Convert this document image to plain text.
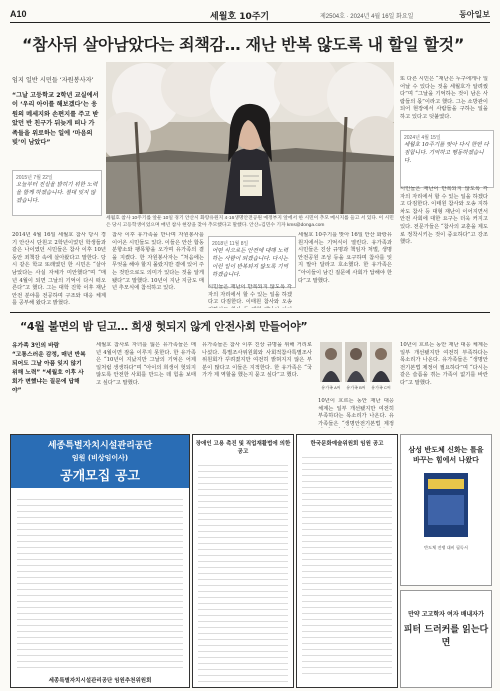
A10	세월호 10주기	제2504호 · 2024년 4월 16일 화요일	동아일보
“참사뒤 살아남았다는 죄책감… 재난 반복 않도록 내 할일 할것”
임지 일반 시민들 ‘자원봉사자’

“그날 고등학교 2학년 교실에서 이 ‘우리 아이를 해보겠다’는 응원의 메세지와 손편지를 주고 받았던 반 친구가 뒤늦게 떠나 가족들을 위로하는 일에 ‘마음의 빚’이 남았다”

2015년 7월 22일
오늘부터 진실을 밝히기 위한 노력을 함께 하겠습니다. 절대 잊지 않겠습니다.
세월호 참사 10주기를 앞둔 10일 경기 안산시 화랑유원지 4·16생명안전공원 예정부지 앞에서 한 시민이 추모 메시지를 들고 서 있다. 이 시민은 당시 고등학생이었으며 매년 참사 현장을 찾아 추모했다고 말했다. 안산=김민수 기자 kms@donga.com
2024년 4월 15일
세월호 10주기를 맞아 다시 한번 다짐합니다. 기억하고 행동하겠습니다.

또 다른 시민은 “재난은 누구에게나 일어날 수 있다는 것을 세월호가 알려줬다”며 “그날을 기억하는 것이 남은 사람들의 몫”이라고 했다. 그는 소방관이 되어 현장에서 사람들을 구하는 일을 하고 있다고 덧붙였다.

2014년 4월 16일 세월호 참사 당시 경기 안산시 단원고 2학년이었던 학생들과 같은 나이였던 시민들은 참사 이후 10년 동안 죄책감 속에 살아왔다고 말한다. 당시 같은 학교 또래였던 한 시민은 “살아남았다는 사실 자체가 미안했다”며 “매년 4월이 되면 그날의 기억이 다시 떠오른다”고 했다. 그는 대학 진학 이후 재난 안전 분야를 전공하며 구조와 대응 체계를 공부해 왔다고 밝혔다.

참사 이후 유가족을 만나며 자원봉사를 이어온 시민들도 있다. 이들은 안산 합동분향소와 팽목항을 오가며 유가족의 곁을 지켰다. 한 자원봉사자는 “처음에는 무엇을 해야 할지 몰랐지만 곁에 있어 주는 것만으로도 의미가 있다는 것을 알게 됐다”고 말했다. 10년이 지난 지금도 매년 추모식에 참석하고 있다.

2018년 11월 8일
어떤 식으로든 안전에 대해 노력하는 사람이 되겠습니다. 다시는 이런 일이 반복되지 않도록 기억하겠습니다.

시민들은 재난이 반복되지 않도록 각자의 자리에서 할 수 있는 일을 하겠다고 다짐한다. 이태원 참사와 오송

세월호 10주기를 맞아 16일 안산 화랑유원지에서는 기억식이 열린다. 유가족과 시민들은 진상 규명과 책임자 처벌, 생명안전공원 조성 등을 요구하며 참사를 잊지 말아 달라고 호소했다. 한 유가족은 “아이들이 남긴 질문에 사회가 답해야 한다”고 말했다.

시민들은 재난이 반복되지 않도록 각자의 자리에서 할 수 있는 일을 하겠다고 다짐한다. 이태원 참사와 오송 지하차도 참사 등 대형 재난이 이어지면서 안전 사회에 대한 요구는 더욱 커지고 있다. 전문가들은 “참사의 교훈을 제도로 정착시키는 것이 중요하다”고 강조했다.

“4월 불면의 밤 딛고… 희생 헛되지 않게 안전사회 만들어야”
유가족 3인의 바람
“고통스러운 감정, 매년 반복되어도 그날 아픔 잊지 않기 위해 노력” “세월호 이후 사회가 변했냐는 질문에 답해야”

세월호 참사로 자녀를 잃은 유가족들은 매년 4월이면 잠을 이루지 못한다. 한 유가족은 “10년이 지났지만 그날의 기억은 어제 일처럼 생생하다”며 “아이의 희생이 헛되지 않도록 안전한 사회를 만드는 데 힘을 보태고 싶다”고 말했다.

유가족들은 참사 이후 진상 규명을 위해 거리로 나섰다. 특별조사위원회와 사회적참사특별조사위원회가 꾸려졌지만 여전히 밝혀지지 않은 부분이 많다고 이들은 지적한다. 한 유가족은 “국가가 제 역할을 했는지 묻고 싶다”고 했다.

유가족 A씨	유가족 B씨	유가족 C씨

10년이 흐르는 동안 재난 대응 체계는 일부 개선됐지만 여전히 부족하다는 목소리가 나온다. 유가족들은 “생명안전기본법 제정

10년이 흐르는 동안 재난 대응 체계는 일부 개선됐지만 여전히 부족하다는 목소리가 나온다. 유가족들은 “생명안전기본법 제정이 필요하다”며 “다시는 같은 슬픔을 겪는 가족이 없기를 바란다”고 말했다.

세종특별자치시설관리공단
임원 (비상임이사)
공개모집 공고
세종특별자치시설관리공단 임원추천위원회
장애인 고용 촉진 및 직업재활법에 의한 공고
한국문화예술위원회 임원 공고
삼성 반도체 신화는 틀을 바꾸는 힘에서 나왔다
반도체 전쟁 대비 필독서
만약 고고학자 여자 배내자가
피터 드러커를 읽는다면
